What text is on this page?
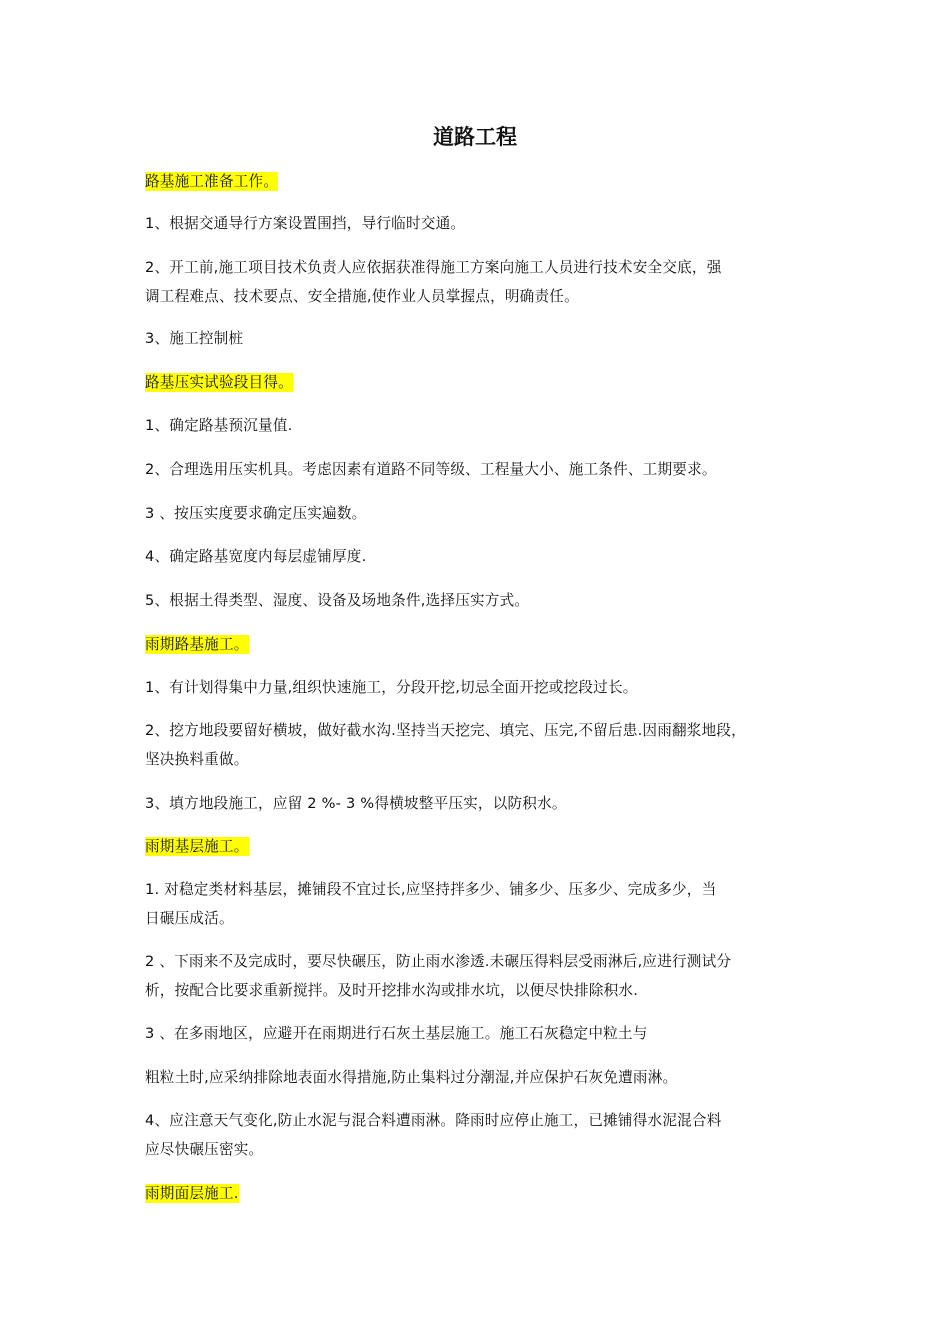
道路工程
路基施工准备工作。
1、根据交通导行方案设置围挡，导行临时交通。
2、开工前,施工项目技术负责人应依据获准得施工方案向施工人员进行技术安全交底，强
调工程难点、技术要点、安全措施,使作业人员掌握点，明确责任。
3、施工控制桩
路基压实试验段目得。
1、确定路基预沉量值.
2、合理选用压实机具。考虑因素有道路不同等级、工程量大小、施工条件、工期要求。
3 、按压实度要求确定压实遍数。
4、确定路基宽度内每层虚铺厚度.
5、根据土得类型、湿度、设备及场地条件,选择压实方式。
雨期路基施工。
1、有计划得集中力量,组织快速施工，分段开挖,切忌全面开挖或挖段过长。
2、挖方地段要留好横坡，做好截水沟.坚持当天挖完、填完、压完,不留后患.因雨翻浆地段，
坚决换料重做。
3、填方地段施工，应留 2 %- 3 %得横坡整平压实，以防积水。
雨期基层施工。
1. 对稳定类材料基层，摊铺段不宜过长,应坚持拌多少、铺多少、压多少、完成多少，当
日碾压成活。
2 、下雨来不及完成时，要尽快碾压，防止雨水渗透.未碾压得料层受雨淋后,应进行测试分
析，按配合比要求重新搅拌。及时开挖排水沟或排水坑，以便尽快排除积水.
3 、在多雨地区，应避开在雨期进行石灰土基层施工。施工石灰稳定中粒土与
粗粒土时,应采纳排除地表面水得措施,防止集料过分潮湿,并应保护石灰免遭雨淋。
4、应注意天气变化,防止水泥与混合料遭雨淋。降雨时应停止施工，已摊铺得水泥混合料
应尽快碾压密实。
雨期面层施工.
